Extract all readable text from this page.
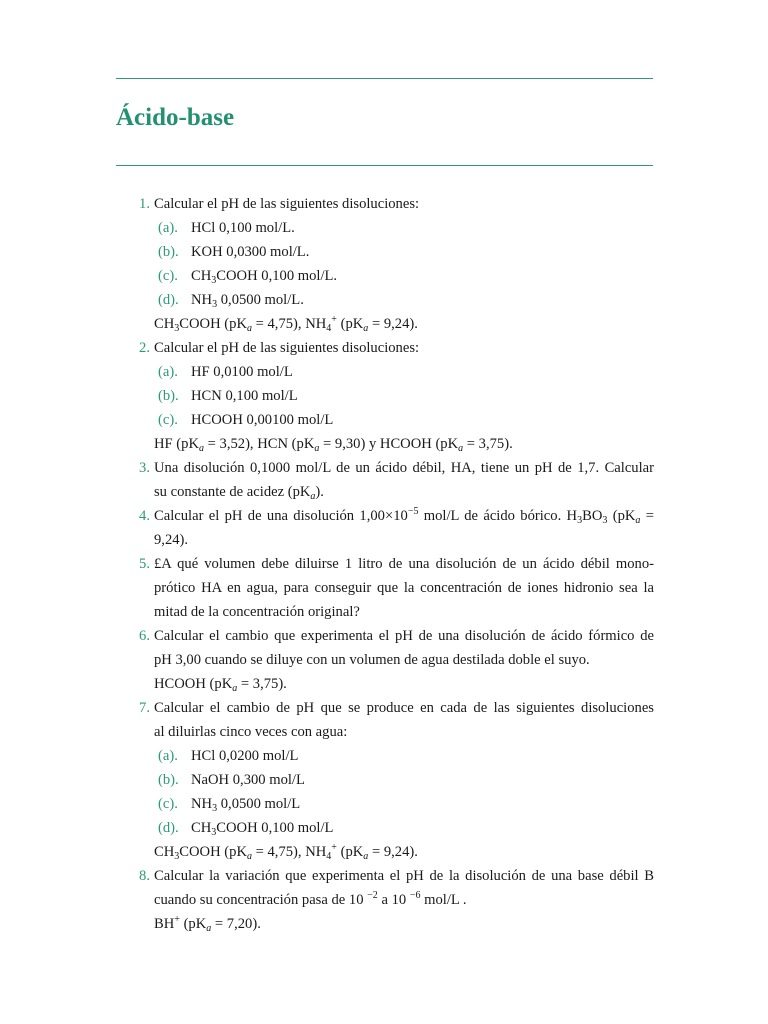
Ácido-base
1. Calcular el pH de las siguientes disoluciones:
(a). HCl 0,100 mol/L.
(b). KOH 0,0300 mol/L.
(c). $CH_3COOH$ 0,100 mol/L.
(d). $NH_3$ 0,0500 mol/L.
$CH_3COOH$ $(pK_a = 4,75)$, $NH_4^+$ $(pK_a = 9,24)$.
2. Calcular el pH de las siguientes disoluciones:
(a). HF 0,0100 mol/L
(b). HCN 0,100 mol/L
(c). HCOOH 0,00100 mol/L
HF $(pK_a = 3,52)$, HCN $(pK_a = 9,30)$ y HCOOH $(pK_a = 3,75)$.
3. Una disolución 0,1000 mol/L de un ácido débil, HA, tiene un pH de 1,7. Calcular
su constante de acidez $(pK_a)$.
4. Calcular el pH de una disolución $1,00\times 10^{-5}$ mol/L de ácido bórico. $H_3BO_3$ ($pK_a$ =
9,24).
5. £A qué volumen debe diluirse 1 litro de una disolución de un ácido débil mono-
prótico HA en agua, para conseguir que la concentración de iones hidronio sea la
mitad de la concentración original?
6. Calcular el cambio que experimenta el pH de una disolución de ácido fórmico de
pH 3,00 cuando se diluye con un volumen de agua destilada doble el suyo.
HCOOH $(pK_a = 3,75)$.
7. Calcular el cambio de pH que se produce en cada de las siguientes disoluciones
al diluirlas cinco veces con agua:
(a). HCl 0,0200 mol/L
(b). NaOH 0,300 mol/L
(c). $NH_3$ 0,0500 mol/L
(d). $CH_3COOH$ 0,100 mol/L
$CH_3COOH$ $(pK_a = 4,75)$, $NH_4^+$ $(pK_a = 9,24)$.
8. Calcular la variación que experimenta el pH de la disolución de una base débil B
cuando su concentración pasa de 10 $^{-2}$ a 10 $^{-6}$ mol/L .
BH+ $(pK_a = 7,20)$.
